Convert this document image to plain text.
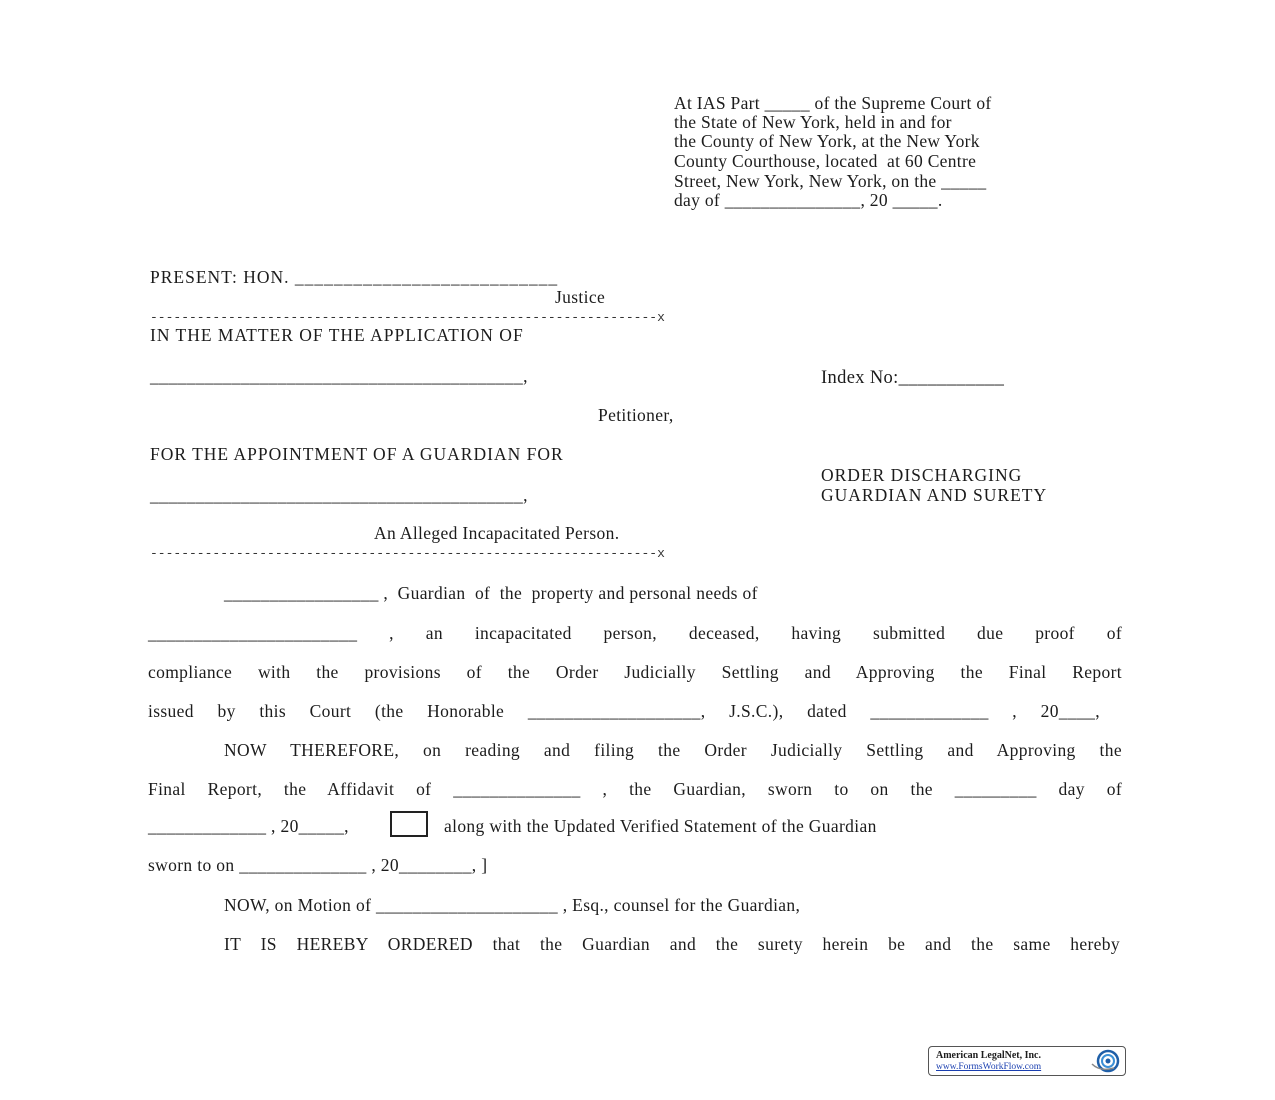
At IAS Part _____ of the Supreme Court of
the State of New York, held in and for
the County of New York, at the New York
County Courthouse, located  at 60 Centre
Street, New York, New York, on the _____
day of _______________, 20 _____.
PRESENT: HON. ___________________________
Justice
-----------------------------------------------------------------x
IN THE MATTER OF THE APPLICATION OF
_________________________________________,
Petitioner,
FOR THE APPOINTMENT OF A GUARDIAN FOR
_________________________________________,
An Alleged Incapacitated Person.
-----------------------------------------------------------------x
Index No:___________
ORDER DISCHARGING
GUARDIAN AND SURETY
_________________ ,  Guardian  of  the  property and personal needs of
_______________________ , an incapacitated person, deceased, having submitted due proof of
compliance with the provisions of the Order Judicially Settling and Approving the Final Report
issued by this Court (the Honorable ___________________, J.S.C.), dated _____________ , 20____,
NOW THEREFORE, on reading and filing the Order Judicially Settling and Approving the
Final Report, the Affidavit of ______________ , the Guardian, sworn to on the _________ day of
_____________ , 20_____,	along with the Updated Verified Statement of the Guardian
sworn to on ______________ , 20________, ]
NOW, on Motion of ____________________ , Esq., counsel for the Guardian,
IT IS HEREBY ORDERED that the Guardian and the surety herein be and the same hereby
American LegalNet, Inc.
www.FormsWorkFlow.com
